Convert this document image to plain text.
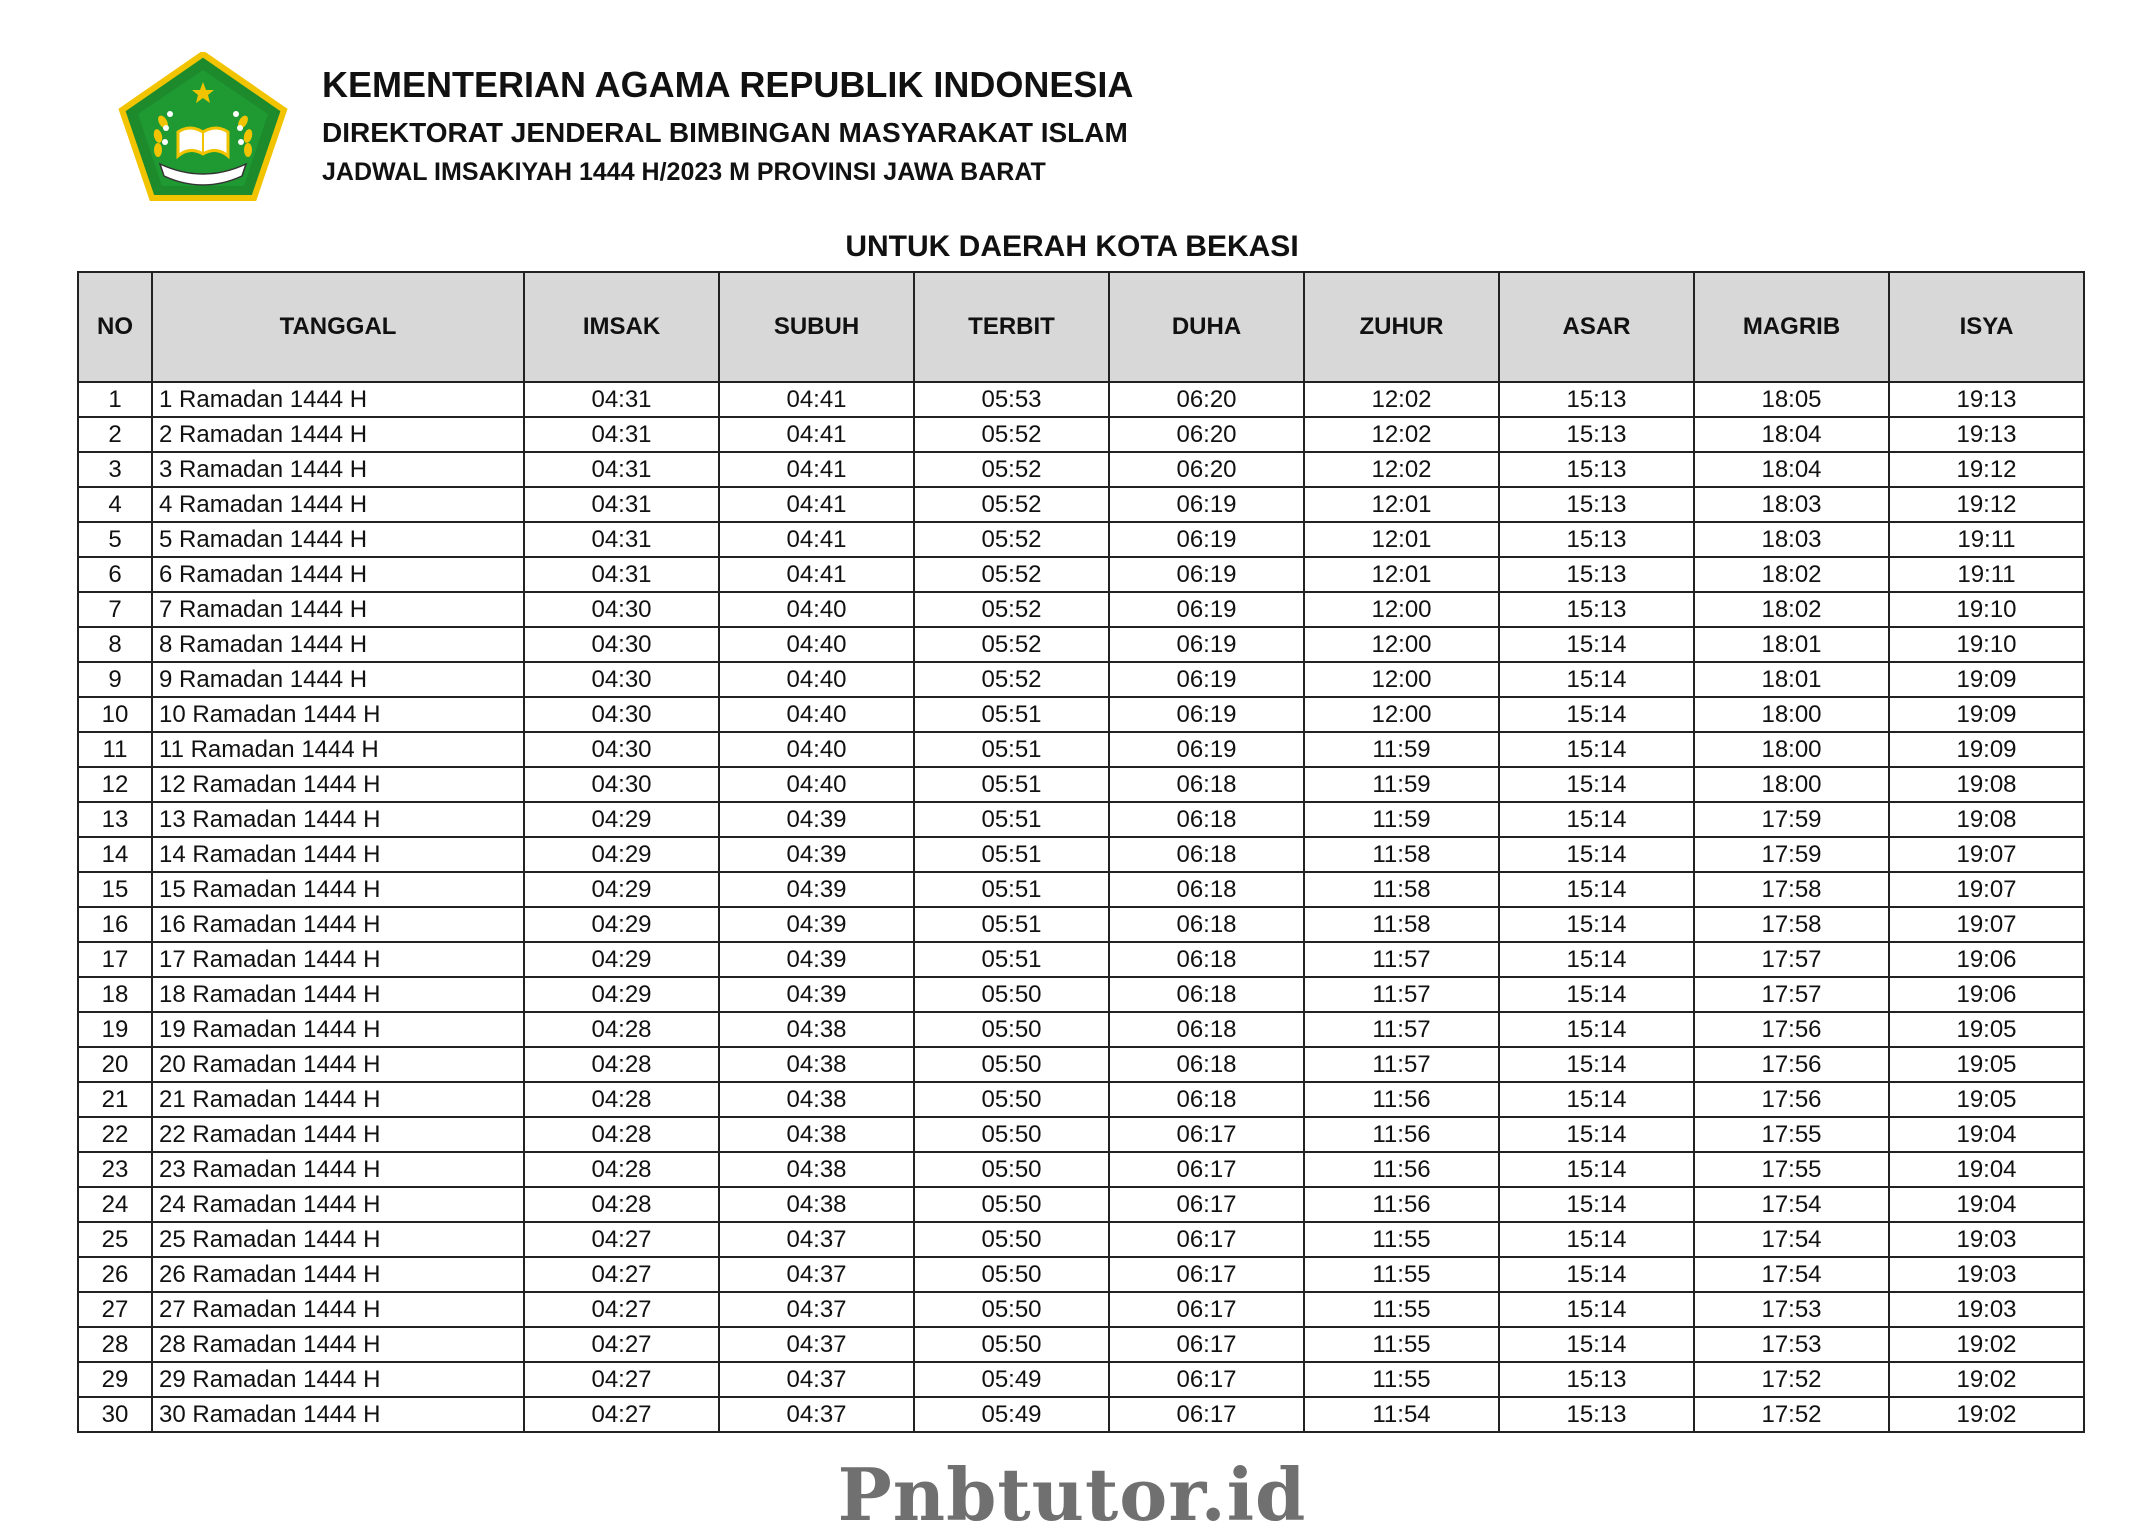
KEMENTERIAN AGAMA REPUBLIK INDONESIA
DIREKTORAT JENDERAL BIMBINGAN MASYARAKAT ISLAM
JADWAL IMSAKIYAH 1444 H/2023 M PROVINSI JAWA BARAT
UNTUK DAERAH KOTA BEKASI
NO	TANGGAL	IMSAK	SUBUH	TERBIT	DUHA	ZUHUR	ASAR	MAGRIB	ISYA
1	1 Ramadan 1444 H	04:31	04:41	05:53	06:20	12:02	15:13	18:05	19:13
2	2 Ramadan 1444 H	04:31	04:41	05:52	06:20	12:02	15:13	18:04	19:13
3	3 Ramadan 1444 H	04:31	04:41	05:52	06:20	12:02	15:13	18:04	19:12
4	4 Ramadan 1444 H	04:31	04:41	05:52	06:19	12:01	15:13	18:03	19:12
5	5 Ramadan 1444 H	04:31	04:41	05:52	06:19	12:01	15:13	18:03	19:11
6	6 Ramadan 1444 H	04:31	04:41	05:52	06:19	12:01	15:13	18:02	19:11
7	7 Ramadan 1444 H	04:30	04:40	05:52	06:19	12:00	15:13	18:02	19:10
8	8 Ramadan 1444 H	04:30	04:40	05:52	06:19	12:00	15:14	18:01	19:10
9	9 Ramadan 1444 H	04:30	04:40	05:52	06:19	12:00	15:14	18:01	19:09
10	10 Ramadan 1444 H	04:30	04:40	05:51	06:19	12:00	15:14	18:00	19:09
11	11 Ramadan 1444 H	04:30	04:40	05:51	06:19	11:59	15:14	18:00	19:09
12	12 Ramadan 1444 H	04:30	04:40	05:51	06:18	11:59	15:14	18:00	19:08
13	13 Ramadan 1444 H	04:29	04:39	05:51	06:18	11:59	15:14	17:59	19:08
14	14 Ramadan 1444 H	04:29	04:39	05:51	06:18	11:58	15:14	17:59	19:07
15	15 Ramadan 1444 H	04:29	04:39	05:51	06:18	11:58	15:14	17:58	19:07
16	16 Ramadan 1444 H	04:29	04:39	05:51	06:18	11:58	15:14	17:58	19:07
17	17 Ramadan 1444 H	04:29	04:39	05:51	06:18	11:57	15:14	17:57	19:06
18	18 Ramadan 1444 H	04:29	04:39	05:50	06:18	11:57	15:14	17:57	19:06
19	19 Ramadan 1444 H	04:28	04:38	05:50	06:18	11:57	15:14	17:56	19:05
20	20 Ramadan 1444 H	04:28	04:38	05:50	06:18	11:57	15:14	17:56	19:05
21	21 Ramadan 1444 H	04:28	04:38	05:50	06:18	11:56	15:14	17:56	19:05
22	22 Ramadan 1444 H	04:28	04:38	05:50	06:17	11:56	15:14	17:55	19:04
23	23 Ramadan 1444 H	04:28	04:38	05:50	06:17	11:56	15:14	17:55	19:04
24	24 Ramadan 1444 H	04:28	04:38	05:50	06:17	11:56	15:14	17:54	19:04
25	25 Ramadan 1444 H	04:27	04:37	05:50	06:17	11:55	15:14	17:54	19:03
26	26 Ramadan 1444 H	04:27	04:37	05:50	06:17	11:55	15:14	17:54	19:03
27	27 Ramadan 1444 H	04:27	04:37	05:50	06:17	11:55	15:14	17:53	19:03
28	28 Ramadan 1444 H	04:27	04:37	05:50	06:17	11:55	15:14	17:53	19:02
29	29 Ramadan 1444 H	04:27	04:37	05:49	06:17	11:55	15:13	17:52	19:02
30	30 Ramadan 1444 H	04:27	04:37	05:49	06:17	11:54	15:13	17:52	19:02
Pnbtutor.id
